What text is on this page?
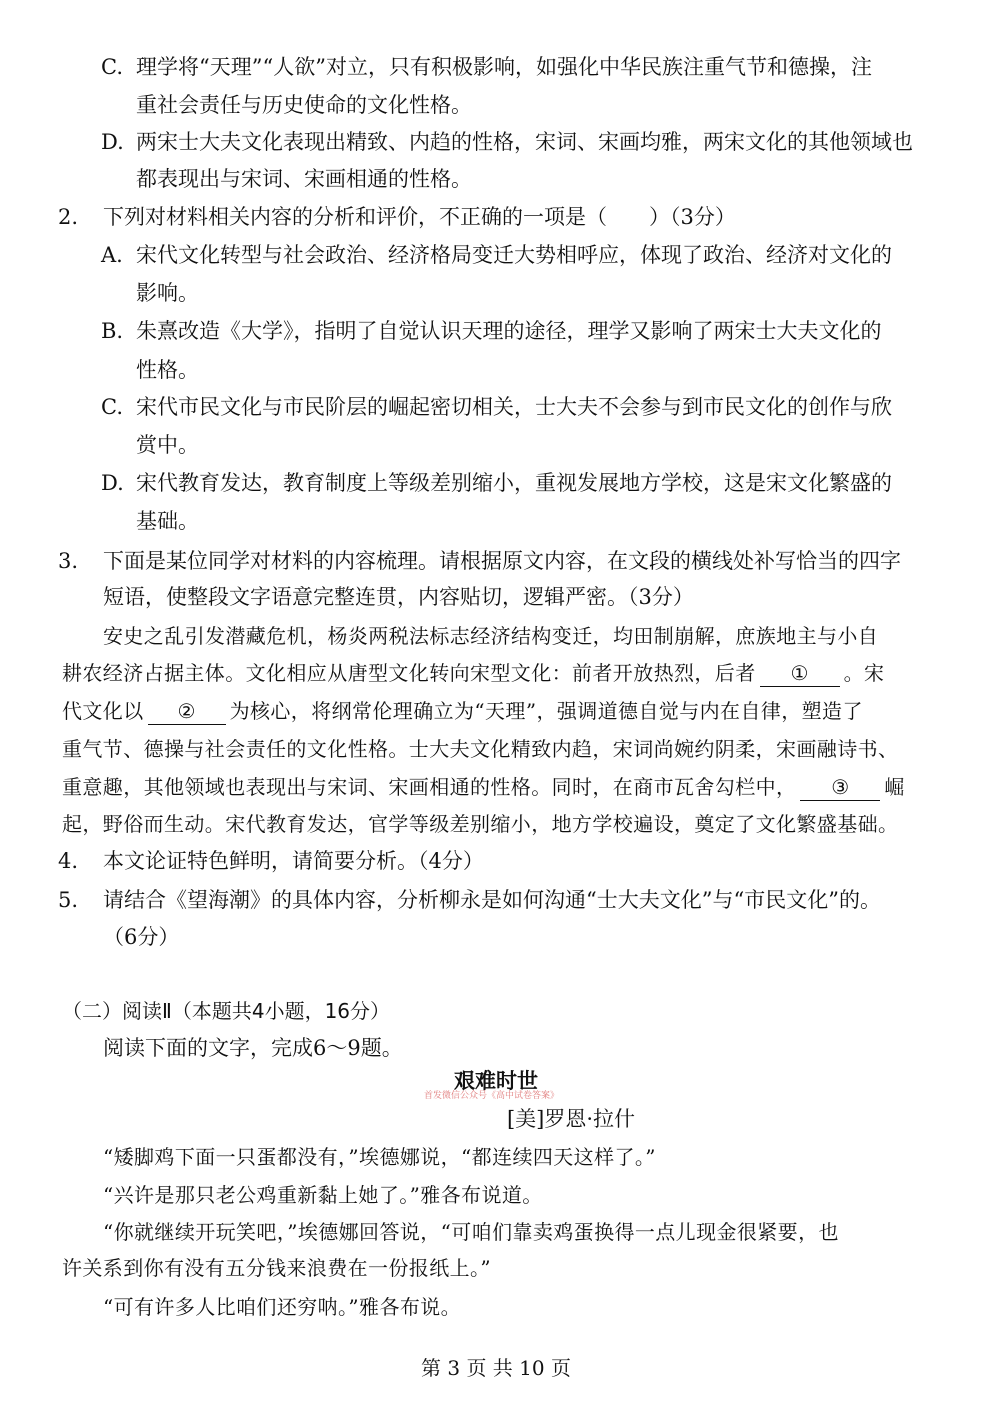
C. 理学将“天理”“人欲”对立，只有积极影响，如强化中华民族注重气节和德操，注
重社会责任与历史使命的文化性格。
D. 两宋士大夫文化表现出精致、内趋的性格，宋词、宋画均雅，两宋文化的其他领域也
都表现出与宋词、宋画相通的性格。
2. 下列对材料相关内容的分析和评价，不正确的一项是（　　）（3分）
A. 宋代文化转型与社会政治、经济格局变迁大势相呼应，体现了政治、经济对文化的
影响。
B. 朱熹改造《大学》，指明了自觉认识天理的途径，理学又影响了两宋士大夫文化的
性格。
C. 宋代市民文化与市民阶层的崛起密切相关，士大夫不会参与到市民文化的创作与欣
赏中。
D. 宋代教育发达，教育制度上等级差别缩小，重视发展地方学校，这是宋文化繁盛的
基础。
3. 下面是某位同学对材料的内容梳理。请根据原文内容，在文段的横线处补写恰当的四字
短语，使整段文字语意完整连贯，内容贴切，逻辑严密。（3分）
安史之乱引发潜藏危机，杨炎两税法标志经济结构变迁，均田制崩解，庶族地主与小自
耕农经济占据主体。文化相应从唐型文化转向宋型文化：前者开放热烈，后者 ① 。宋
代文化以 ② 为核心，将纲常伦理确立为“天理”，强调道德自觉与内在自律，塑造了
重气节、德操与社会责任的文化性格。士大夫文化精致内趋，宋词尚婉约阴柔，宋画融诗书、
重意趣，其他领域也表现出与宋词、宋画相通的性格。同时，在商市瓦舍勾栏中， ③ 崛
起，野俗而生动。宋代教育发达，官学等级差别缩小，地方学校遍设，奠定了文化繁盛基础。
4. 本文论证特色鲜明，请简要分析。（4分）
5. 请结合《望海潮》的具体内容，分析柳永是如何沟通“士大夫文化”与“市民文化”的。
（6分）
（二）阅读Ⅱ（本题共4小题，16分）
阅读下面的文字，完成6～9题。
艰难时世
首发微信公众号《高中试卷答案》
[美]罗恩·拉什
“矮脚鸡下面一只蛋都没有，”埃德娜说，“都连续四天这样了。”
“兴许是那只老公鸡重新黏上她了。”雅各布说道。
“你就继续开玩笑吧，”埃德娜回答说，“可咱们靠卖鸡蛋换得一点儿现金很紧要，也
许关系到你有没有五分钱来浪费在一份报纸上。”
“可有许多人比咱们还穷呐。”雅各布说。
第 3 页 共 10 页
